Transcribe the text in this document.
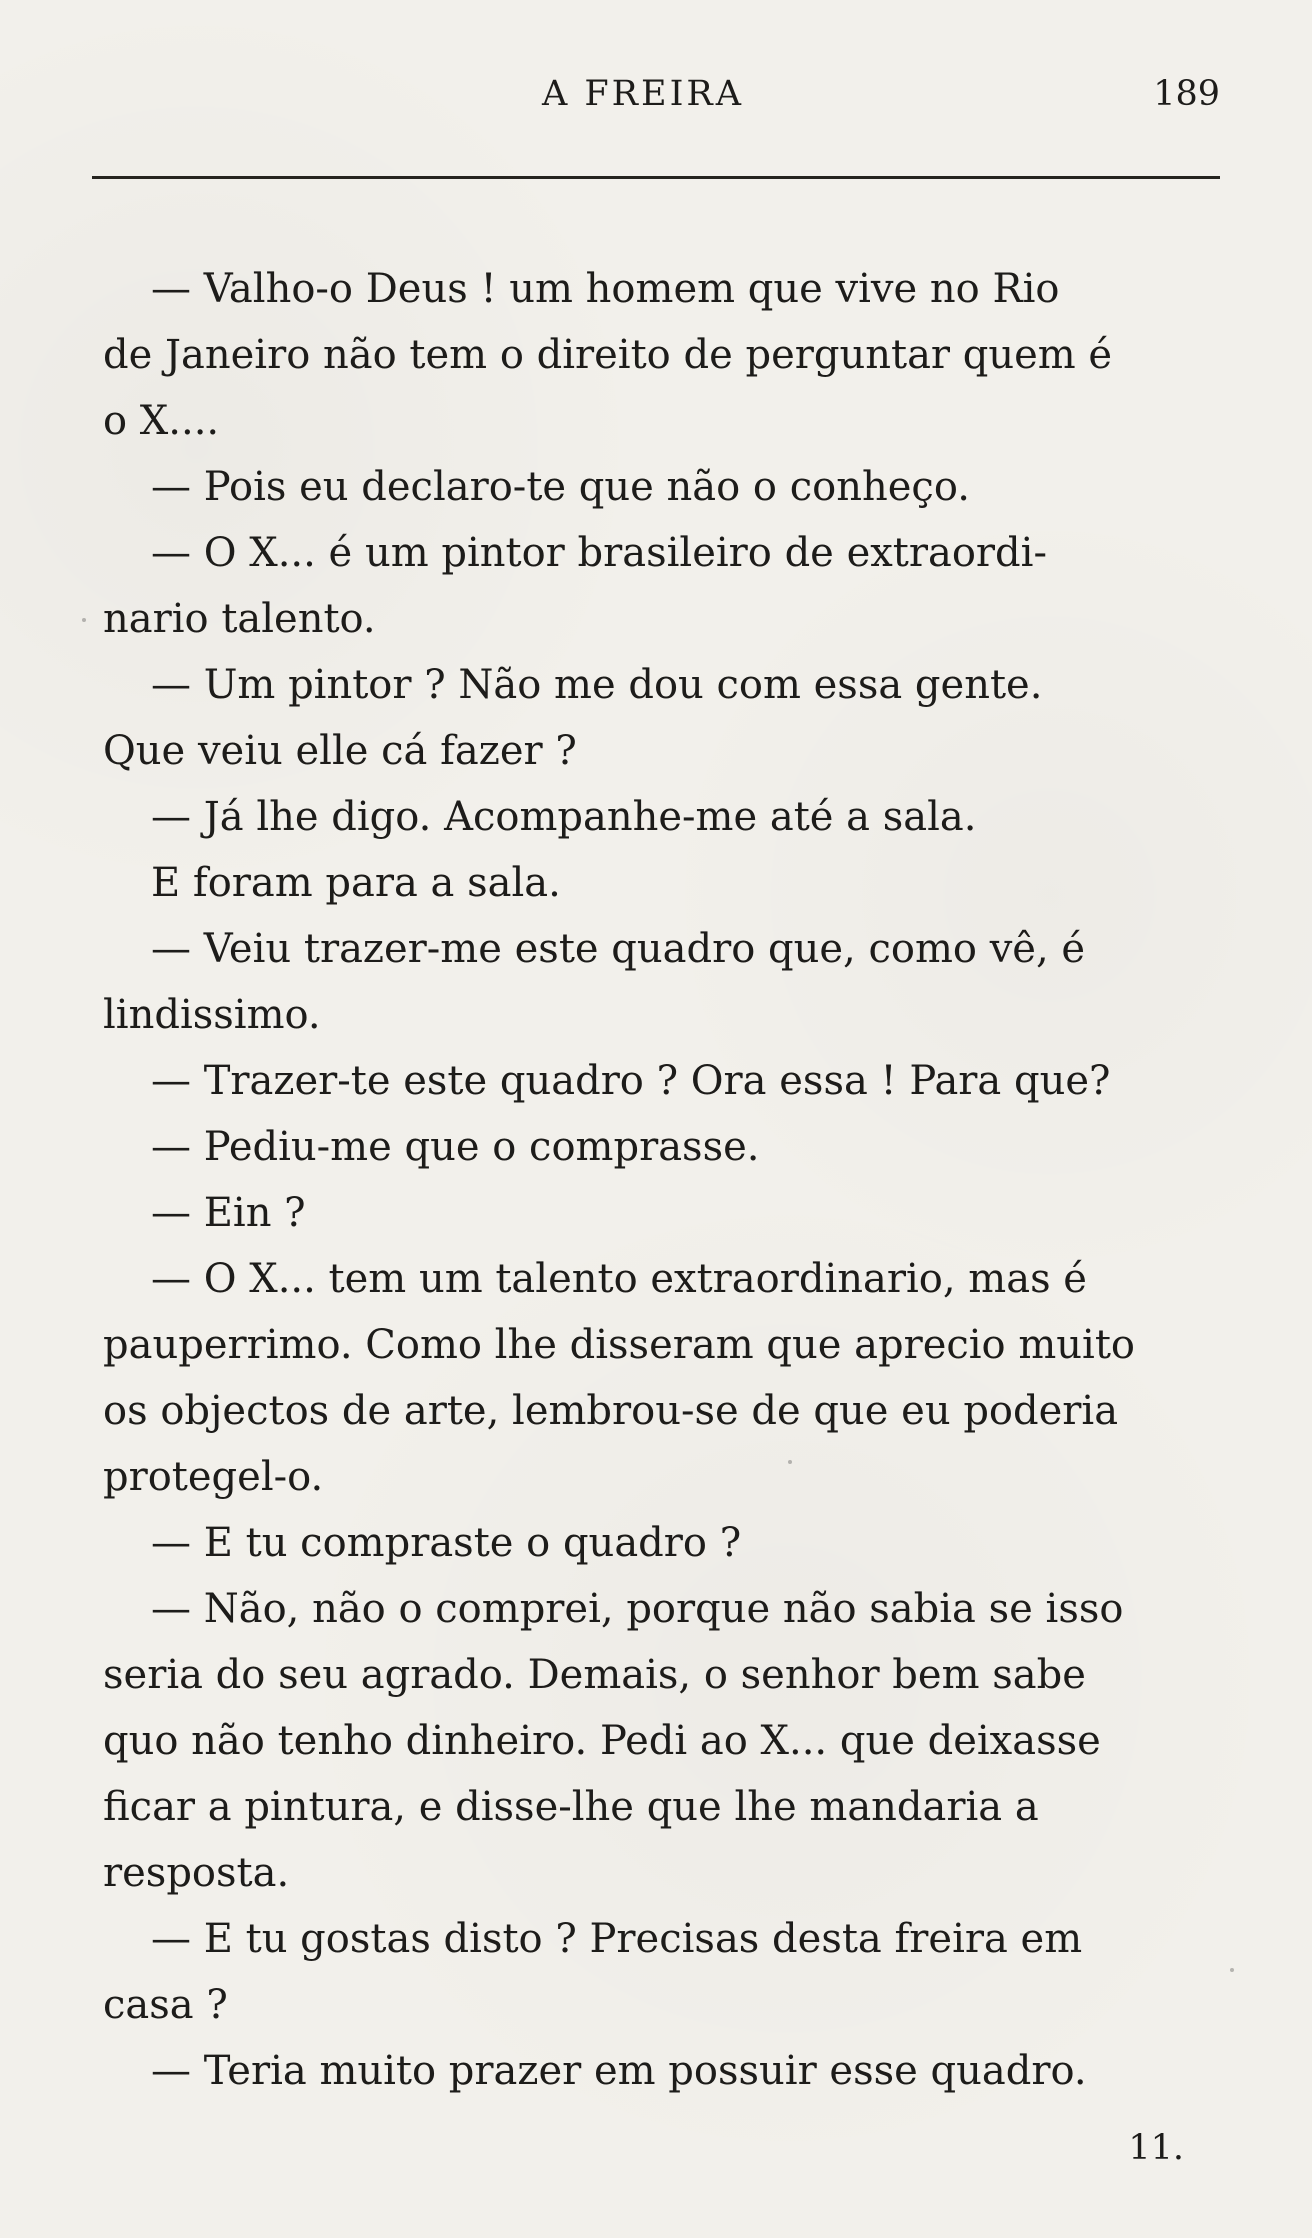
A FREIRA	189
— Valho-o Deus ! um homem que vive no Rio
de Janeiro não tem o direito de perguntar quem é
o X....
— Pois eu declaro-te que não o conheço.
— O X... é um pintor brasileiro de extraordi-
nario talento.
— Um pintor ? Não me dou com essa gente.
Que veiu elle cá fazer ?
— Já lhe digo. Acompanhe-me até a sala.
E foram para a sala.
— Veiu trazer-me este quadro que, como vê, é
lindissimo.
— Trazer-te este quadro ? Ora essa ! Para que?
— Pediu-me que o comprasse.
— Ein ?
— O X... tem um talento extraordinario, mas é
pauperrimo. Como lhe disseram que aprecio muito
os objectos de arte, lembrou-se de que eu poderia
protegel-o.
— E tu compraste o quadro ?
— Não, não o comprei, porque não sabia se isso
seria do seu agrado. Demais, o senhor bem sabe
quo não tenho dinheiro. Pedi ao X... que deixasse
ficar a pintura, e disse-lhe que lhe mandaria a
resposta.
— E tu gostas disto ? Precisas desta freira em
casa ?
— Teria muito prazer em possuir esse quadro.
11.
